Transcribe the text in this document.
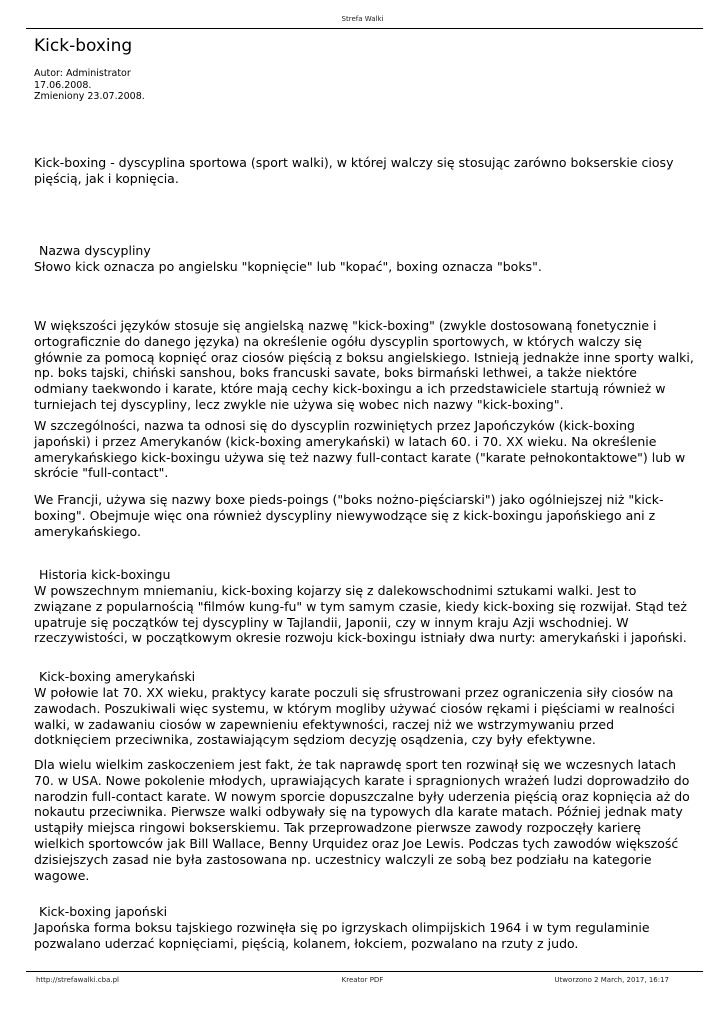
Strefa Walki
Kick-boxing
Autor: Administrator
17.06.2008.
Zmieniony 23.07.2008.

Kick-boxing - dyscyplina sportowa (sport walki), w której walczy się stosując zarówno bokserskie ciosy pięścią, jak i kopnięcia.

Nazwa dyscypliny

Słowo kick oznacza po angielsku "kopnięcie" lub "kopać", boxing oznacza "boks".

W większości języków stosuje się angielską nazwę "kick-boxing" (zwykle dostosowaną fonetycznie i ortograficznie do danego języka) na określenie ogółu dyscyplin sportowych, w których walczy się głównie za pomocą kopnięć oraz ciosów pięścią z boksu angielskiego. Istnieją jednakże inne sporty walki, np. boks tajski, chiński sanshou, boks francuski savate, boks birmański lethwei, a także niektóre odmiany taekwondo i karate, które mają cechy kick-boxingu a ich przedstawiciele startują również w turniejach tej dyscypliny, lecz zwykle nie używa się wobec nich nazwy "kick-boxing".

W szczególności, nazwa ta odnosi się do dyscyplin rozwiniętych przez Japończyków (kick-boxing japoński) i przez Amerykanów (kick-boxing amerykański) w latach 60. i 70. XX wieku. Na określenie amerykańskiego kick-boxingu używa się też nazwy full-contact karate ("karate pełnokontaktowe") lub w skrócie "full-contact".

We Francji, używa się nazwy boxe pieds-poings ("boks nożno-pięściarski") jako ogólniejszej niż "kick-boxing". Obejmuje więc ona również dyscypliny niewywodzące się z kick-boxingu japońskiego ani z amerykańskiego.

Historia kick-boxingu

W powszechnym mniemaniu, kick-boxing kojarzy się z dalekowschodnimi sztukami walki. Jest to związane z popularnością "filmów kung-fu" w tym samym czasie, kiedy kick-boxing się rozwijał. Stąd też upatruje się początków tej dyscypliny w Tajlandii, Japonii, czy w innym kraju Azji wschodniej. W rzeczywistości, w początkowym okresie rozwoju kick-boxingu istniały dwa nurty: amerykański i japoński.

Kick-boxing amerykański

W połowie lat 70. XX wieku, praktycy karate poczuli się sfrustrowani przez ograniczenia siły ciosów na zawodach. Poszukiwali więc systemu, w którym mogliby używać ciosów rękami i pięściami w realności walki, w zadawaniu ciosów w zapewnieniu efektywności, raczej niż we wstrzymywaniu przed dotknięciem przeciwnika, zostawiającym sędziom decyzję osądzenia, czy były efektywne.

Dla wielu wielkim zaskoczeniem jest fakt, że tak naprawdę sport ten rozwinął się we wczesnych latach 70. w USA. Nowe pokolenie młodych, uprawiających karate i spragnionych wrażeń ludzi doprowadziło do narodzin full-contact karate. W nowym sporcie dopuszczalne były uderzenia pięścią oraz kopnięcia aż do nokautu przeciwnika. Pierwsze walki odbywały się na typowych dla karate matach. Później jednak maty ustąpiły miejsca ringowi bokserskiemu. Tak przeprowadzone pierwsze zawody rozpoczęły karierę wielkich sportowców jak Bill Wallace, Benny Urquidez oraz Joe Lewis. Podczas tych zawodów większość dzisiejszych zasad nie była zastosowana np. uczestnicy walczyli ze sobą bez podziału na kategorie wagowe.

Kick-boxing japoński

Japońska forma boksu tajskiego rozwinęła się po igrzyskach olimpijskich 1964 i w tym regulaminie pozwalano uderzać kopnięciami, pięścią, kolanem, łokciem, pozwalano na rzuty z judo.

http://strefawalki.cba.pl	Kreator PDF	Utworzono 2 March, 2017, 16:17
